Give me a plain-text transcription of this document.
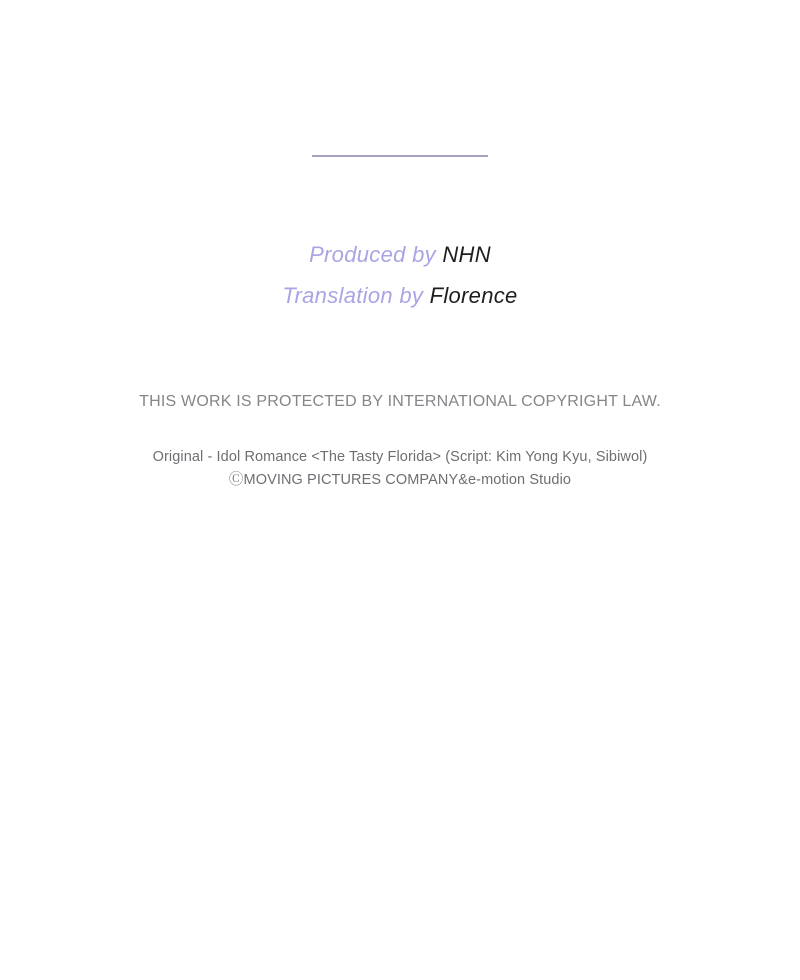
Produced by NHN
Translation by Florence
THIS WORK IS PROTECTED BY INTERNATIONAL COPYRIGHT LAW.
Original - Idol Romance <The Tasty Florida> (Script: Kim Yong Kyu, Sibiwol)
ⒸMOVING PICTURES COMPANY&e-motion Studio
